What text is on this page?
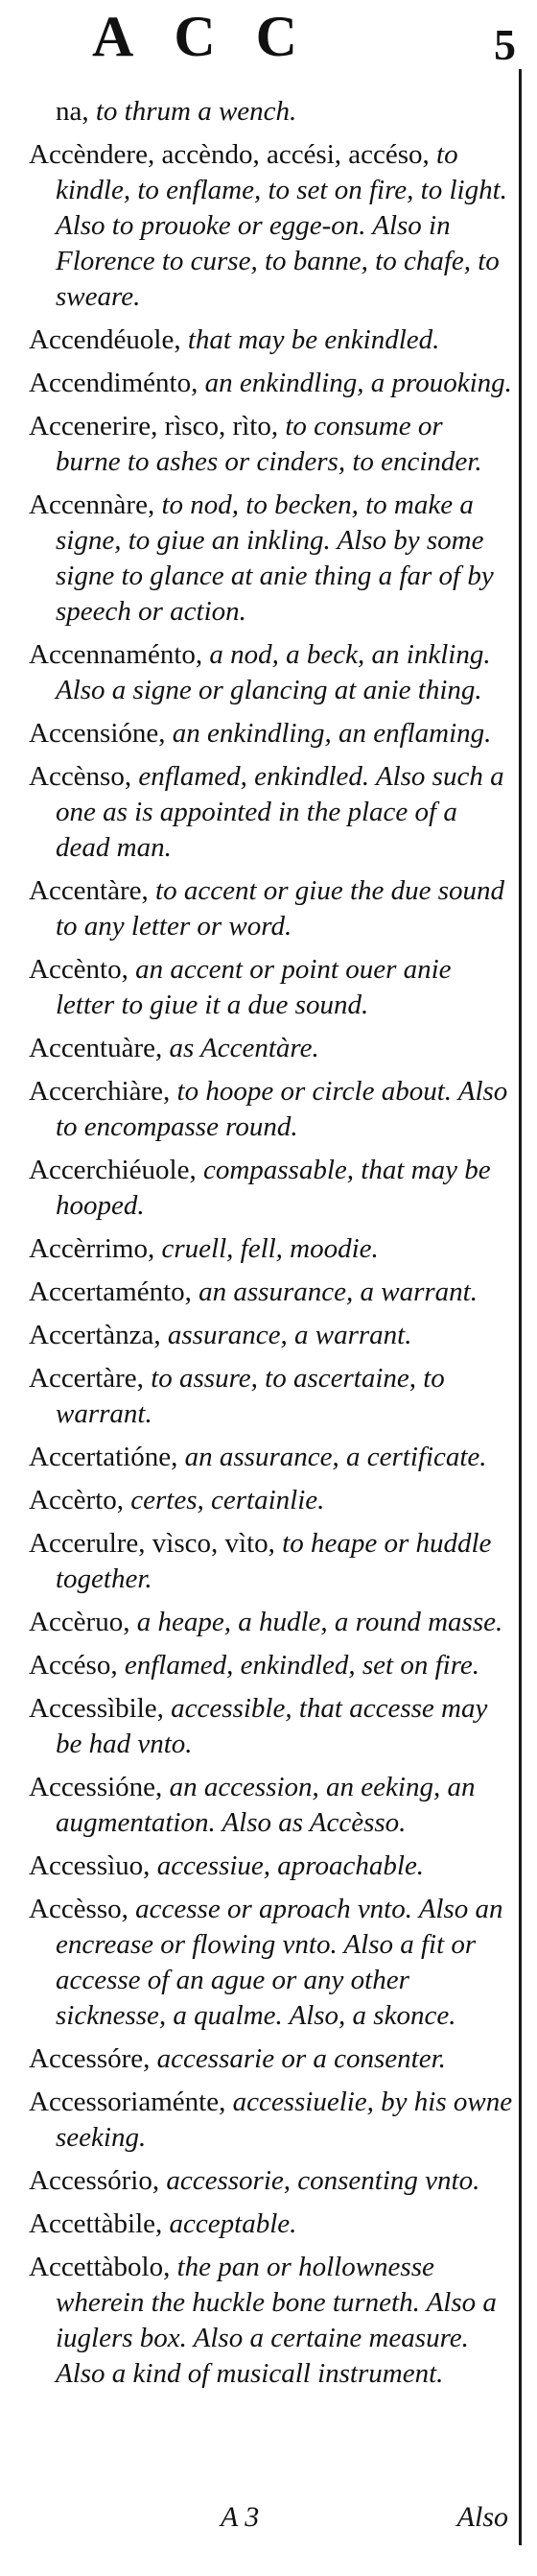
ACC	5
na, to thrum a wench.
Accèndere, accèndo, accési, accéso, to kindle, to enflame, to set on fire, to light. Also to prouoke or egge-on. Also in Florence to curse, to banne, to chafe, to sweare.
Accendéuole, that may be enkindled.
Accendiménto, an enkindling, a prouoking.
Accenerire, rìsco, rìto, to consume or burne to ashes or cinders, to encinder.
Accennàre, to nod, to becken, to make a signe, to giue an inkling. Also by some signe to glance at anie thing a far of by speech or action.
Accennaménto, a nod, a beck, an inkling. Also a signe or glancing at anie thing.
Accensióne, an enkindling, an enflaming.
Accènso, enflamed, enkindled. Also such a one as is appointed in the place of a dead man.
Accentàre, to accent or giue the due sound to any letter or word.
Accènto, an accent or point ouer anie letter to giue it a due sound.
Accentuàre, as Accentàre.
Accerchiàre, to hoope or circle about. Also to encompasse round.
Accerchiéuole, compassable, that may be hooped.
Accèrrimo, cruell, fell, moodie.
Accertaménto, an assurance, a warrant.
Accertànza, assurance, a warrant.
Accertàre, to assure, to ascertaine, to warrant.
Accertatióne, an assurance, a certificate.
Accèrto, certes, certainlie.
Accerulre, vìsco, vìto, to heape or huddle together.
Accèruo, a heape, a hudle, a round masse.
Accéso, enflamed, enkindled, set on fire.
Accessìbile, accessible, that accesse may be had vnto.
Accessióne, an accession, an eeking, an augmentation. Also as Accèsso.
Accessìuo, accessiue, aproachable.
Accèsso, accesse or aproach vnto. Also an encrease or flowing vnto. Also a fit or accesse of an ague or any other sicknesse, a qualme. Also, a skonce.
Accessóre, accessarie or a consenter.
Accessoriaménte, accessiuelie, by his owne seeking.
Accessório, accessorie, consenting vnto.
Accettàbile, acceptable.
Accettàbolo, the pan or hollownesse wherein the huckle bone turneth. Also a iuglers box. Also a certaine measure. Also a kind of musicall instrument.
A 3	Also
